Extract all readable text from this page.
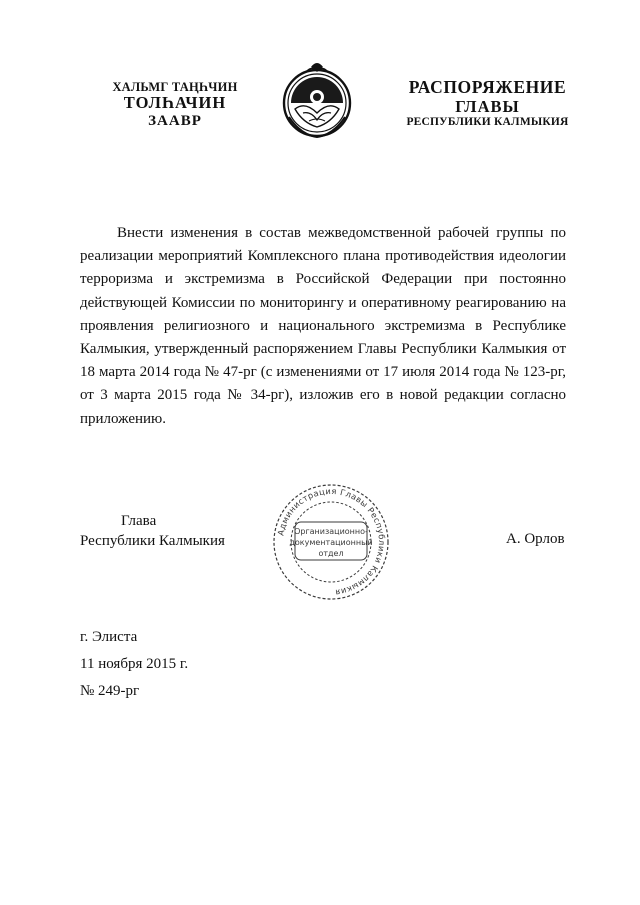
ХАЛЬМГ ТАҢҺЧИН
ТОЛҺАЧИН
ЗААВР
РАСПОРЯЖЕНИЕ
ГЛАВЫ
РЕСПУБЛИКИ КАЛМЫКИЯ

Внести изменения в состав межведомственной рабочей группы по реализации мероприятий Комплексного плана противодействия идеологии терроризма и экстремизма в Российской Федерации при постоянно действующей Комиссии по мониторингу и оперативному реагированию на проявления религиозного и национального экстремизма в Республике Калмыкия, утвержденный распоряжением Главы Республики Калмыкия от 18 марта 2014 года № 47-рг (с изменениями от 17 июля 2014 года № 123-рг, от 3 марта 2015 года № 34-рг), изложив его в новой редакции согласно приложению.

Глава
Республики Калмыкия
Администрация Главы Республики Калмыкия
Организационно-
документационный
отдел
А. Орлов
г. Элиста
11 ноября 2015 г.
№ 249-рг
